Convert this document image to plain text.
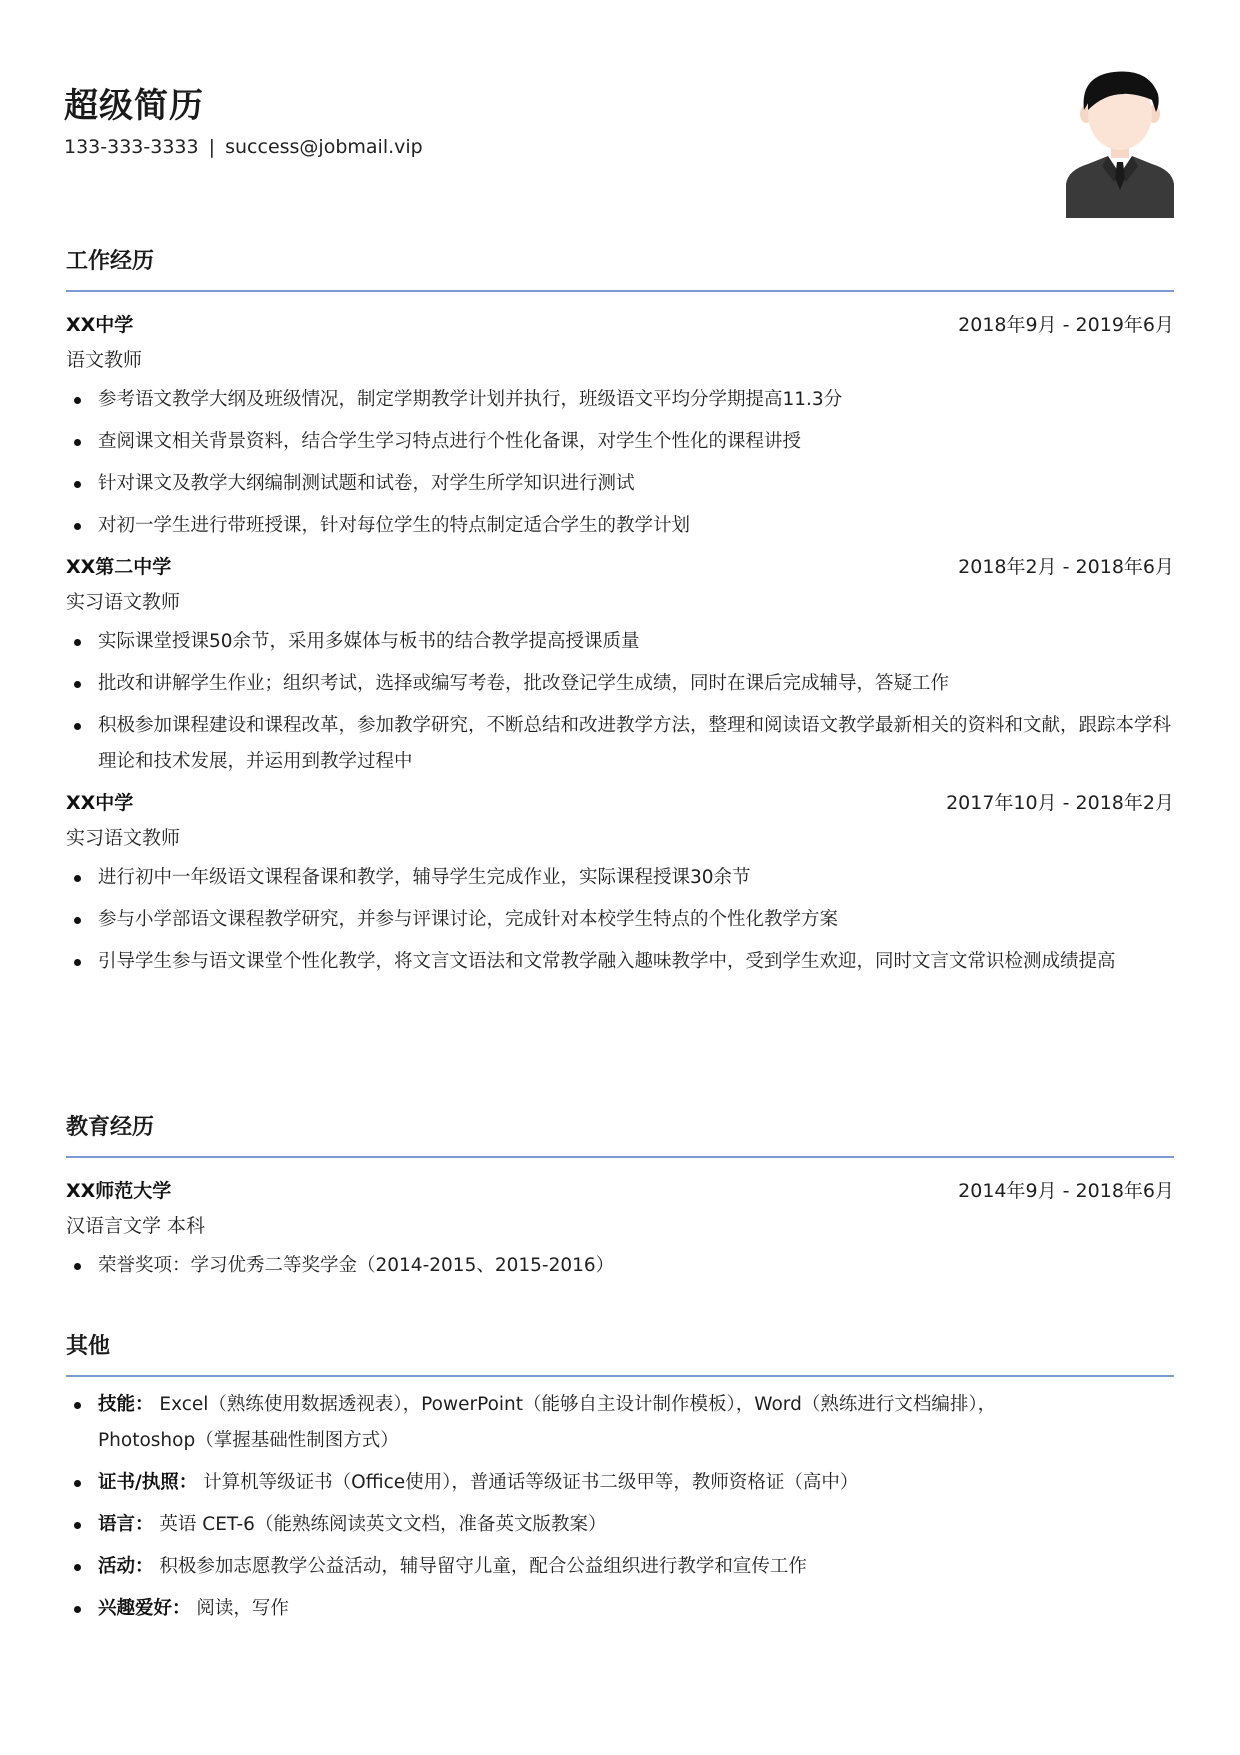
超级简历
133-333-3333 | success@jobmail.vip
工作经历
XX中学	2018年9月 - 2019年6月
语文教师
参考语文教学大纲及班级情况，制定学期教学计划并执行，班级语文平均分学期提高11.3分
查阅课文相关背景资料，结合学生学习特点进行个性化备课，对学生个性化的课程讲授
针对课文及教学大纲编制测试题和试卷，对学生所学知识进行测试
对初一学生进行带班授课，针对每位学生的特点制定适合学生的教学计划
XX第二中学	2018年2月 - 2018年6月
实习语文教师
实际课堂授课50余节，采用多媒体与板书的结合教学提高授课质量
批改和讲解学生作业；组织考试，选择或编写考卷，批改登记学生成绩，同时在课后完成辅导，答疑工作
积极参加课程建设和课程改革，参加教学研究，不断总结和改进教学方法，整理和阅读语文教学最新相关的资料和文献，跟踪本学科理论和技术发展，并运用到教学过程中
XX中学	2017年10月 - 2018年2月
实习语文教师
进行初中一年级语文课程备课和教学，辅导学生完成作业，实际课程授课30余节
参与小学部语文课程教学研究，并参与评课讨论，完成针对本校学生特点的个性化教学方案
引导学生参与语文课堂个性化教学，将文言文语法和文常教学融入趣味教学中，受到学生欢迎，同时文言文常识检测成绩提高
教育经历
XX师范大学	2014年9月 - 2018年6月
汉语言文学 本科
荣誉奖项：学习优秀二等奖学金（2014-2015、2015-2016）
其他
技能： Excel（熟练使用数据透视表），PowerPoint（能够自主设计制作模板），Word（熟练进行文档编排），Photoshop（掌握基础性制图方式）
证书/执照： 计算机等级证书（Office使用），普通话等级证书二级甲等，教师资格证（高中）
语言： 英语 CET-6（能熟练阅读英文文档，准备英文版教案）
活动： 积极参加志愿教学公益活动，辅导留守儿童，配合公益组织进行教学和宣传工作
兴趣爱好： 阅读，写作
